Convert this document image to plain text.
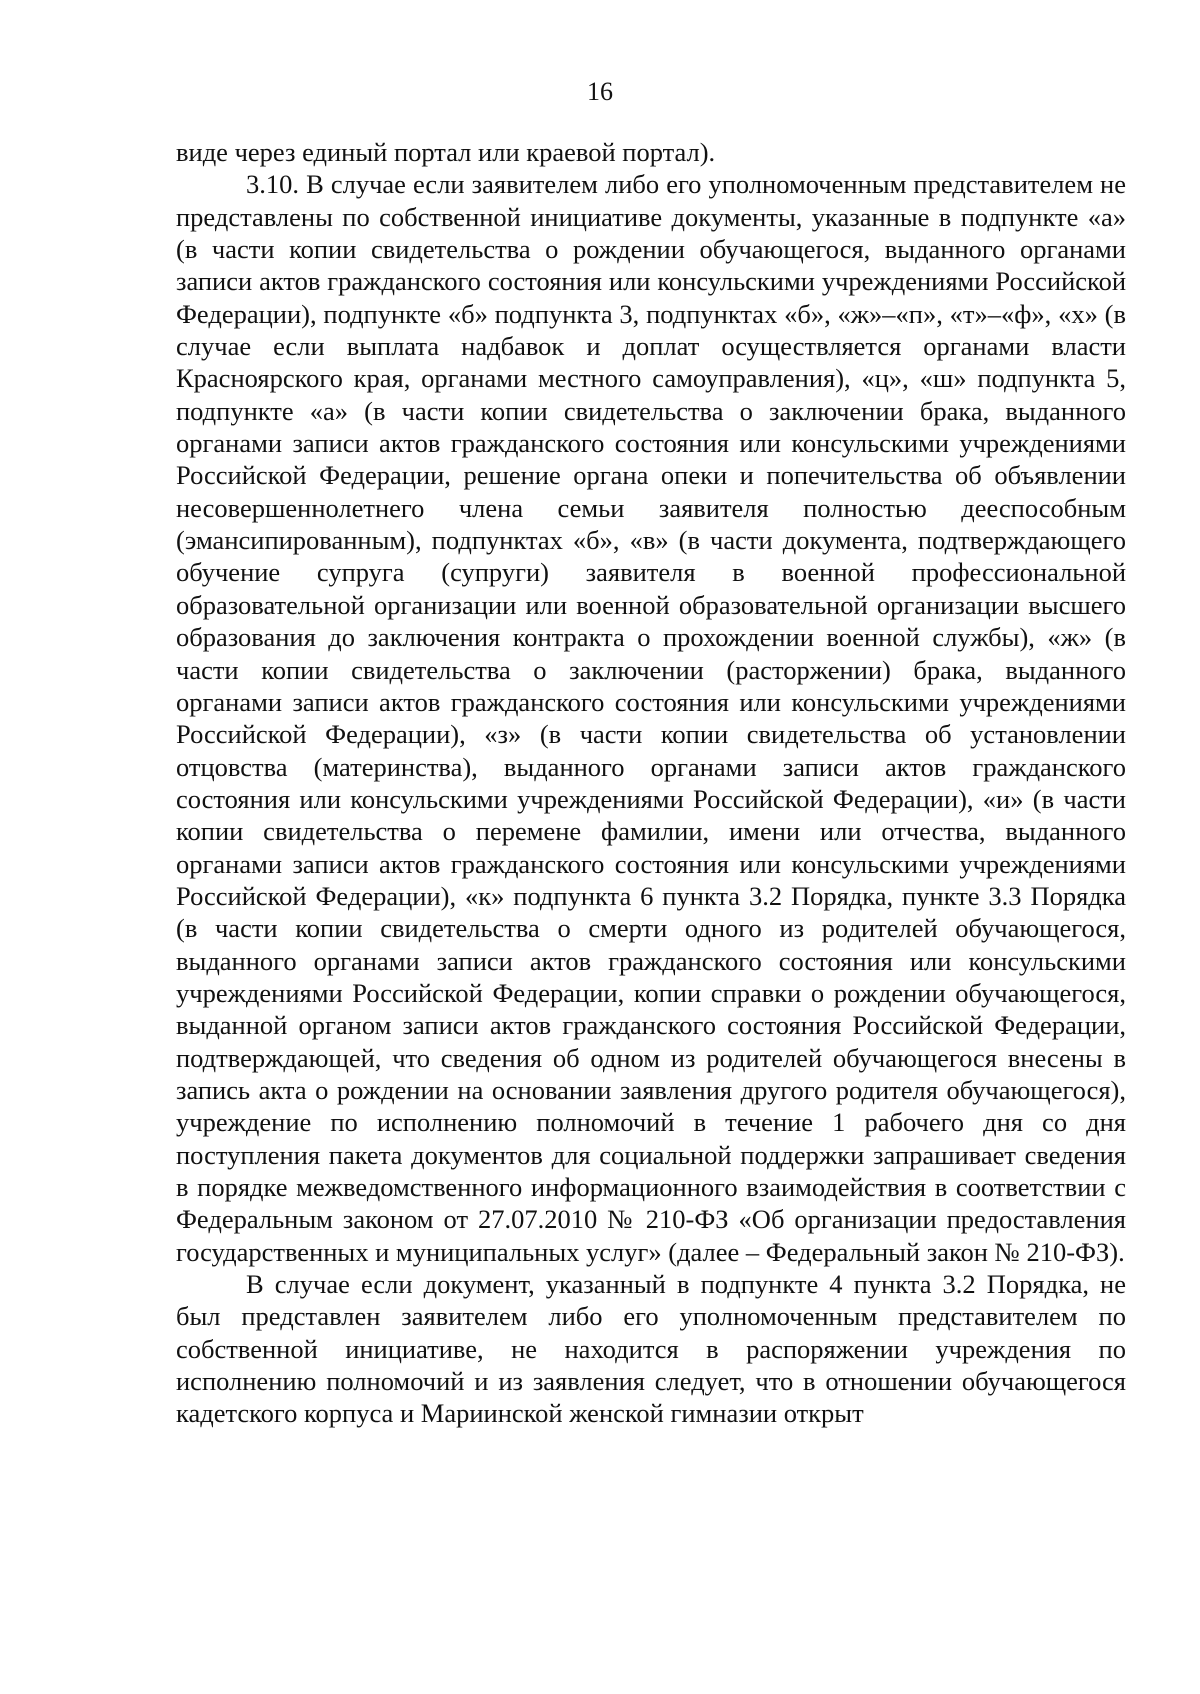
16

виде через единый портал или краевой портал).

3.10. В случае если заявителем либо его уполномоченным представителем не представлены по собственной инициативе документы, указанные в подпункте «а» (в части копии свидетельства о рождении обучающегося, выданного органами записи актов гражданского состояния или консульскими учреждениями Российской Федерации), подпункте «б» подпункта 3, подпунктах «б», «ж»–«п», «т»–«ф», «х» (в случае если выплата надбавок и доплат осуществляется органами власти Красноярского края, органами местного самоуправления), «ц», «ш» подпункта 5, подпункте «а» (в части копии свидетельства о заключении брака, выданного органами записи актов гражданского состояния или консульскими учреждениями Российской Федерации, решение органа опеки и попечительства об объявлении несовершеннолетнего члена семьи заявителя полностью дееспособным (эмансипированным), подпунктах «б», «в» (в части документа, подтверждающего обучение супруга (супруги) заявителя в военной профессиональной образовательной организации или военной образовательной организации высшего образования до заключения контракта о прохождении военной службы), «ж» (в части копии свидетельства о заключении (расторжении) брака, выданного органами записи актов гражданского состояния или консульскими учреждениями Российской Федерации), «з» (в части копии свидетельства об установлении отцовства (материнства), выданного органами записи актов гражданского состояния или консульскими учреждениями Российской Федерации), «и» (в части копии свидетельства о перемене фамилии, имени или отчества, выданного органами записи актов гражданского состояния или консульскими учреждениями Российской Федерации), «к» подпункта 6 пункта 3.2 Порядка, пункте 3.3 Порядка (в части копии свидетельства о смерти одного из родителей обучающегося, выданного органами записи актов гражданского состояния или консульскими учреждениями Российской Федерации, копии справки о рождении обучающегося, выданной органом записи актов гражданского состояния Российской Федерации, подтверждающей, что сведения об одном из родителей обучающегося внесены в запись акта о рождении на основании заявления другого родителя обучающегося), учреждение по исполнению полномочий в течение 1 рабочего дня со дня поступления пакета документов для социальной поддержки запрашивает сведения в порядке межведомственного информационного взаимодействия в соответствии с Федеральным законом от 27.07.2010 № 210-ФЗ «Об организации предоставления государственных и муниципальных услуг» (далее – Федеральный закон № 210-ФЗ).

В случае если документ, указанный в подпункте 4 пункта 3.2 Порядка, не был представлен заявителем либо его уполномоченным представителем по собственной инициативе, не находится в распоряжении учреждения по исполнению полномочий и из заявления следует, что в отношении обучающегося кадетского корпуса и Мариинской женской гимназии открыт
